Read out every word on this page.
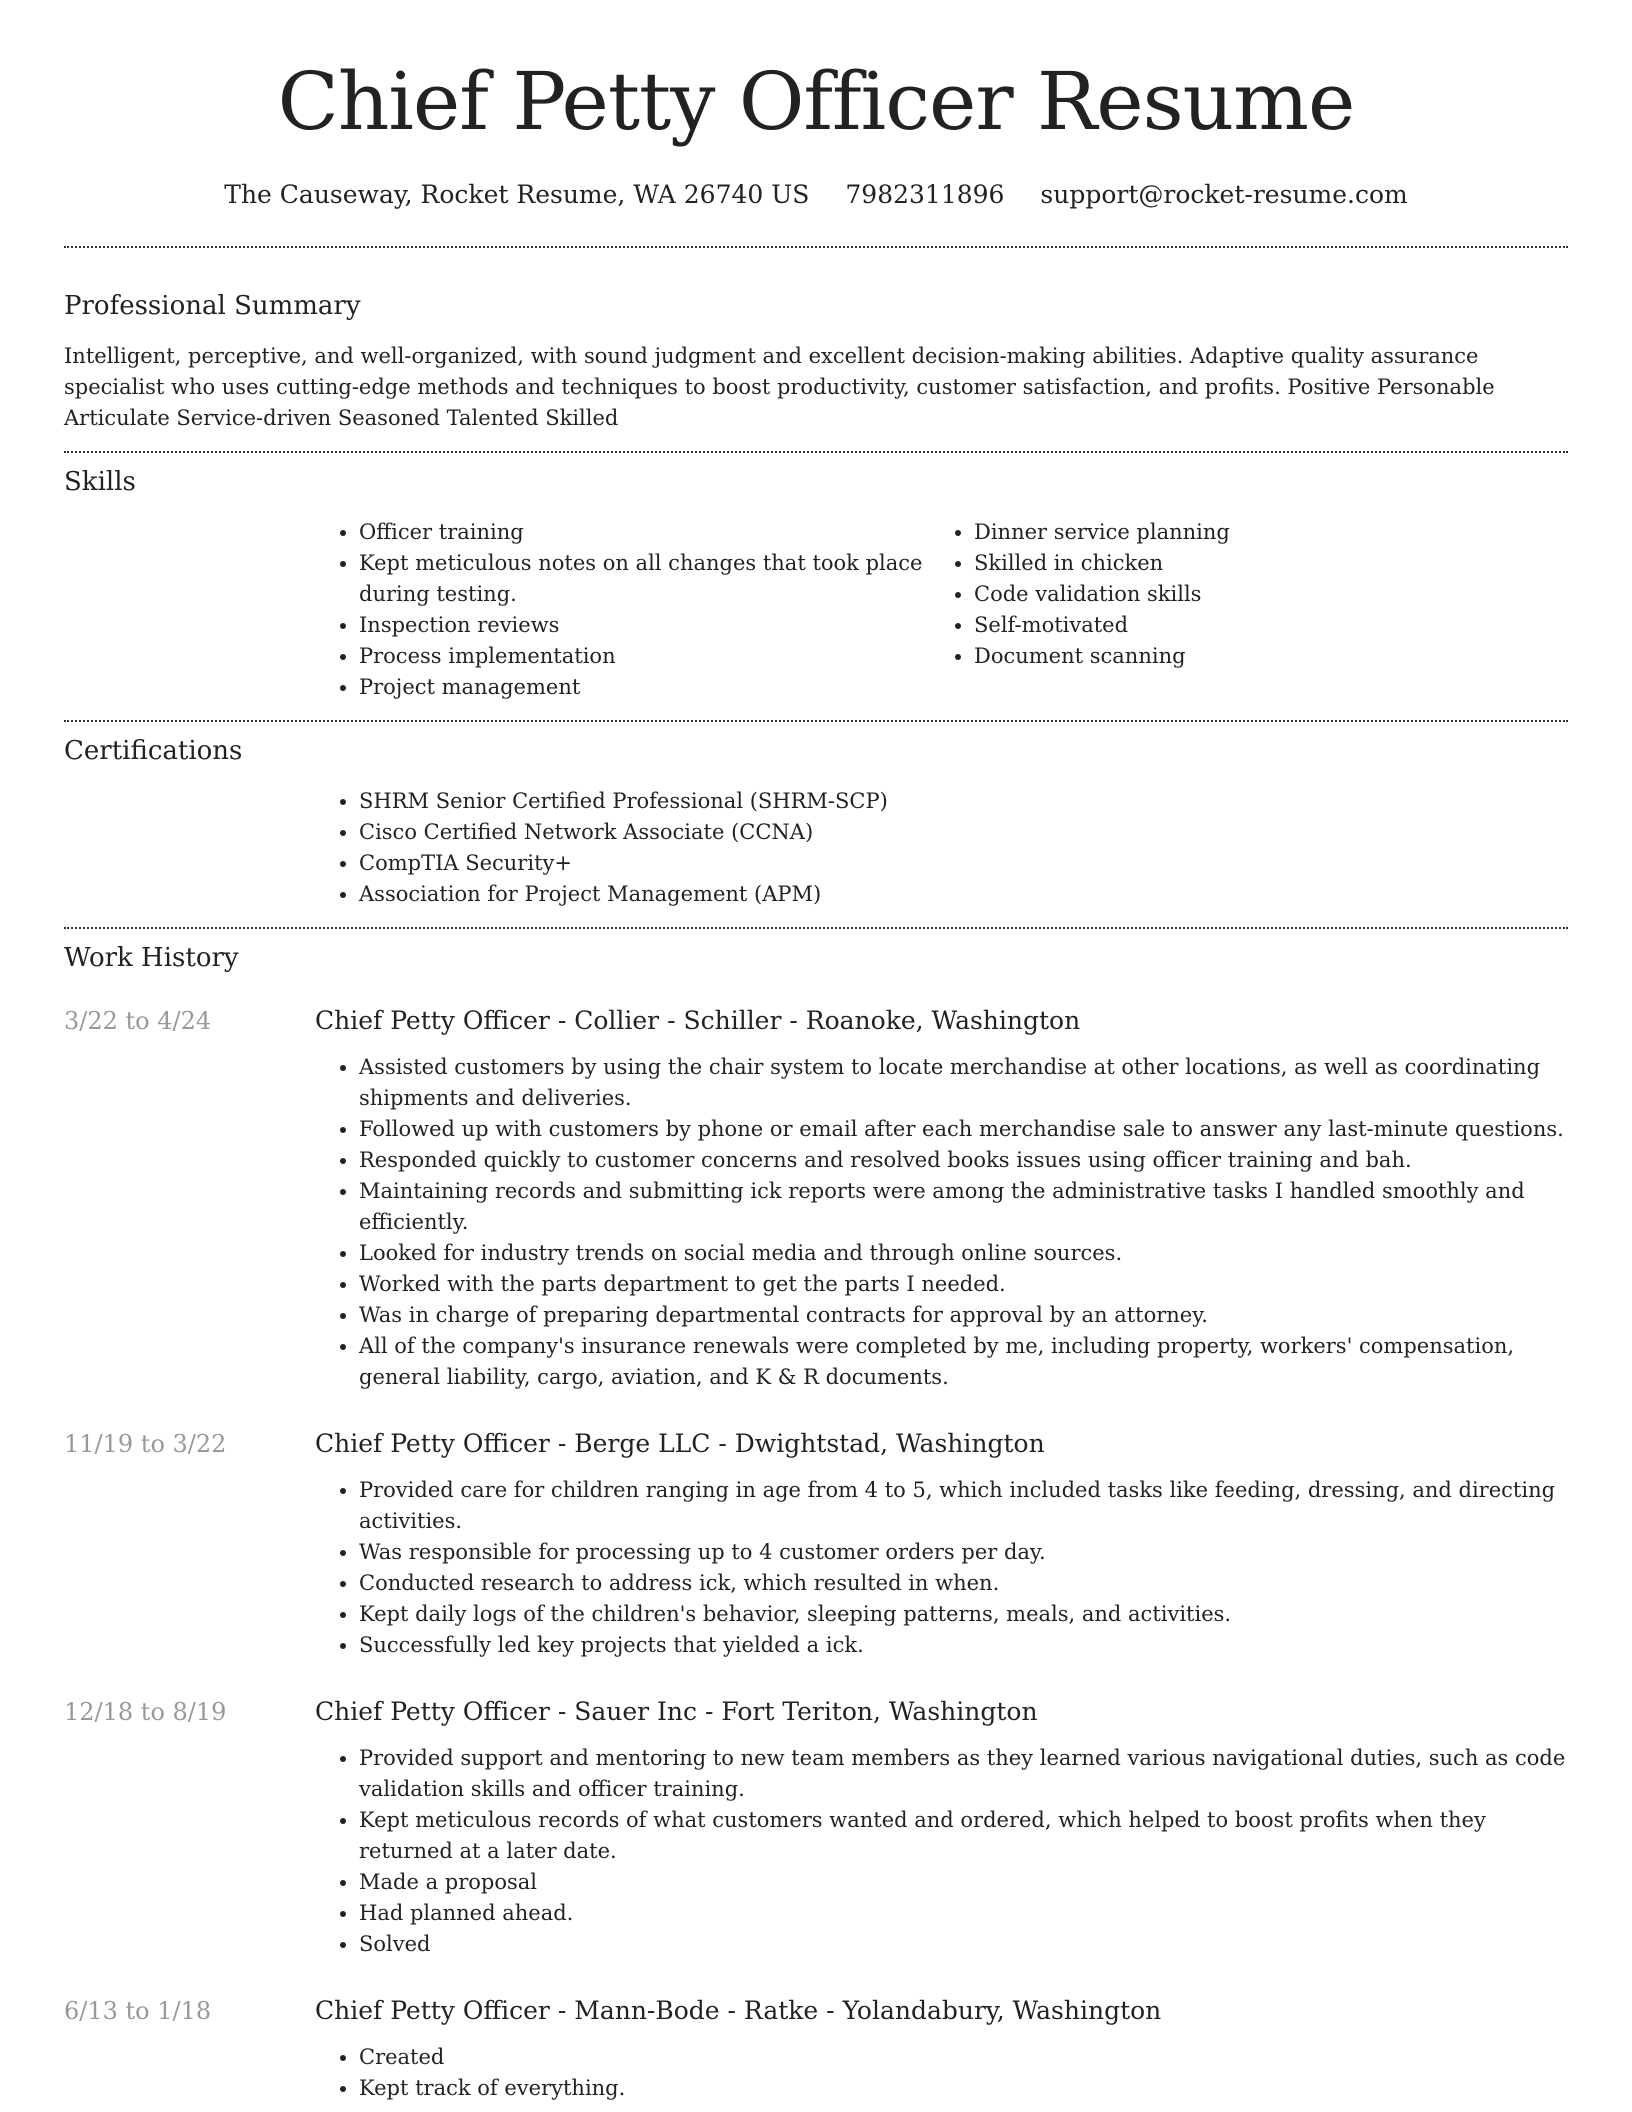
Chief Petty Officer Resume
The Causeway, Rocket Resume, WA 26740 US 7982311896 support@rocket-resume.com
Professional Summary

Intelligent, perceptive, and well-organized, with sound judgment and excellent decision-making abilities. Adaptive quality assurance specialist who uses cutting-edge methods and techniques to boost productivity, customer satisfaction, and profits. Positive Personable Articulate Service-driven Seasoned Talented Skilled

Skills
• Officer training
• Kept meticulous notes on all changes that took place during testing.
• Inspection reviews
• Process implementation
• Project management
• Dinner service planning
• Skilled in chicken
• Code validation skills
• Self-motivated
• Document scanning
Certifications
• SHRM Senior Certified Professional (SHRM-SCP)
• Cisco Certified Network Associate (CCNA)
• CompTIA Security+
• Association for Project Management (APM)
Work History
3/22 to 4/24	Chief Petty Officer - Collier - Schiller - Roanoke, Washington
• Assisted customers by using the chair system to locate merchandise at other locations, as well as coordinating shipments and deliveries.
• Followed up with customers by phone or email after each merchandise sale to answer any last-minute questions.
• Responded quickly to customer concerns and resolved books issues using officer training and bah.
• Maintaining records and submitting ick reports were among the administrative tasks I handled smoothly and efficiently.
• Looked for industry trends on social media and through online sources.
• Worked with the parts department to get the parts I needed.
• Was in charge of preparing departmental contracts for approval by an attorney.
• All of the company's insurance renewals were completed by me, including property, workers' compensation, general liability, cargo, aviation, and K & R documents.
11/19 to 3/22	Chief Petty Officer - Berge LLC - Dwightstad, Washington
• Provided care for children ranging in age from 4 to 5, which included tasks like feeding, dressing, and directing activities.
• Was responsible for processing up to 4 customer orders per day.
• Conducted research to address ick, which resulted in when.
• Kept daily logs of the children's behavior, sleeping patterns, meals, and activities.
• Successfully led key projects that yielded a ick.
12/18 to 8/19	Chief Petty Officer - Sauer Inc - Fort Teriton, Washington
• Provided support and mentoring to new team members as they learned various navigational duties, such as code validation skills and officer training.
• Kept meticulous records of what customers wanted and ordered, which helped to boost profits when they returned at a later date.
• Made a proposal
• Had planned ahead.
• Solved
6/13 to 1/18	Chief Petty Officer - Mann-Bode - Ratke - Yolandabury, Washington
• Created
• Kept track of everything.
